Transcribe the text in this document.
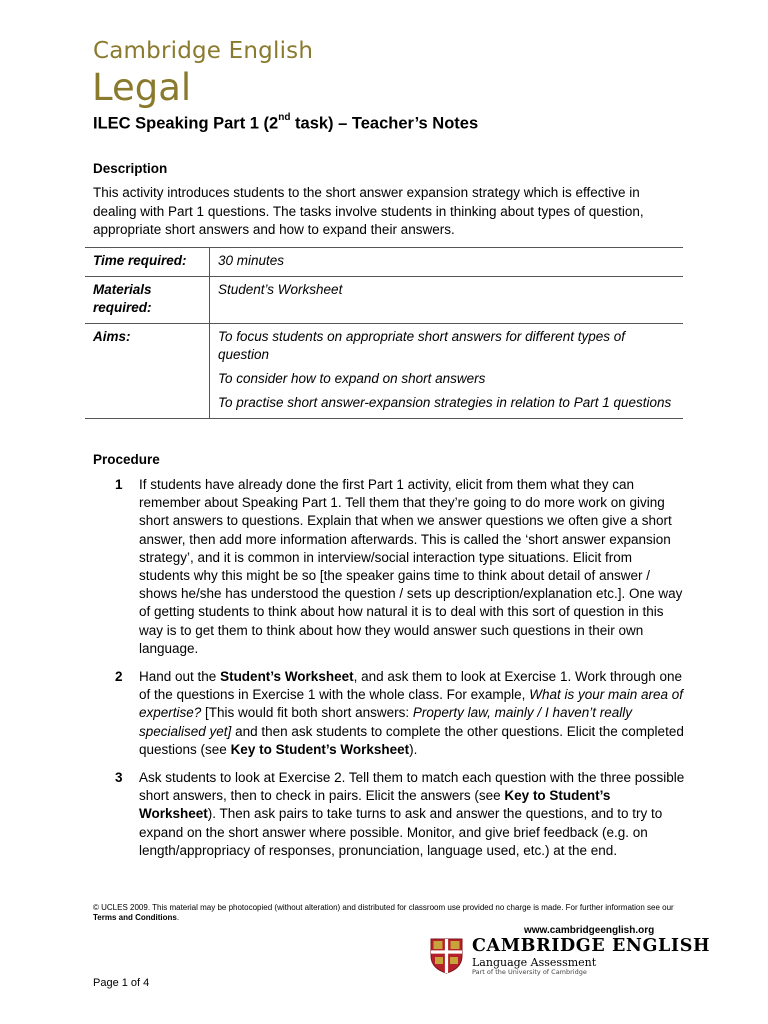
Cambridge English
Legal
ILEC Speaking Part 1 (2nd task) – Teacher’s Notes
Description
This activity introduces students to the short answer expansion strategy which is effective in dealing with Part 1 questions. The tasks involve students in thinking about types of question, appropriate short answers and how to expand their answers.
Time required:	30 minutes
Materials required:	Student’s Worksheet
Aims:	To focus students on appropriate short answers for different types of question

To consider how to expand on short answers

To practise short answer-expansion strategies in relation to Part 1 questions

Procedure
1	If students have already done the first Part 1 activity, elicit from them what they can remember about Speaking Part 1. Tell them that they’re going to do more work on giving short answers to questions. Explain that when we answer questions we often give a short answer, then add more information afterwards. This is called the ‘short answer expansion strategy’, and it is common in interview/social interaction type situations. Elicit from students why this might be so [the speaker gains time to think about detail of answer / shows he/she has understood the question / sets up description/explanation etc.]. One way of getting students to think about how natural it is to deal with this sort of question in this way is to get them to think about how they would answer such questions in their own language.
2	Hand out the Student’s Worksheet, and ask them to look at Exercise 1. Work through one of the questions in Exercise 1 with the whole class. For example, What is your main area of expertise? [This would fit both short answers: Property law, mainly / I haven’t really specialised yet] and then ask students to complete the other questions. Elicit the completed questions (see Key to Student’s Worksheet).
3	Ask students to look at Exercise 2. Tell them to match each question with the three possible short answers, then to check in pairs. Elicit the answers (see Key to Student’s Worksheet). Then ask pairs to take turns to ask and answer the questions, and to try to expand on the short answer where possible. Monitor, and give brief feedback (e.g. on length/appropriacy of responses, pronunciation, language used, etc.) at the end.
© UCLES 2009. This material may be photocopied (without alteration) and distributed for classroom use provided no charge is made. For further information see our Terms and Conditions.
www.cambridgeenglish.org
CAMBRIDGE ENGLISH
Language Assessment
Part of the University of Cambridge
Page 1 of 4
